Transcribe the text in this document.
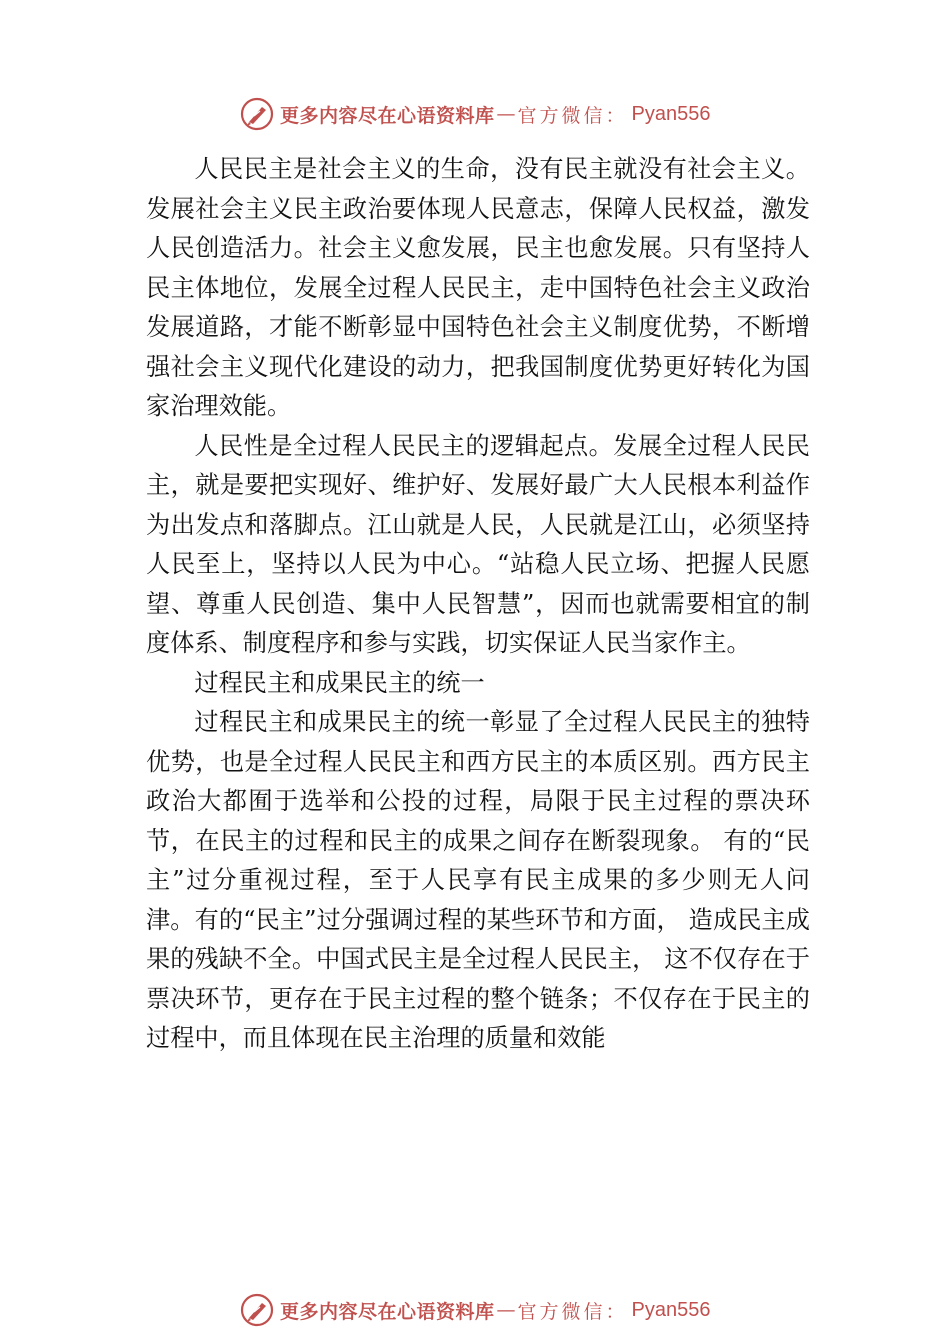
更多内容尽在心语资料库 — 官方微信： Pyan556

人民民主是社会主义的生命，没有民主就没有社会主义。发展社会主义民主政治要体现人民意志，保障人民权益，激发人民创造活力。社会主义愈发展，民主也愈发展。只有坚持人民主体地位，发展全过程人民民主，走中国特色社会主义政治发展道路，才能不断彰显中国特色社会主义制度优势，不断增强社会主义现代化建设的动力，把我国制度优势更好转化为国家治理效能。

人民性是全过程人民民主的逻辑起点。发展全过程人民民主，就是要把实现好、维护好、发展好最广大人民根本利益作为出发点和落脚点。江山就是人民，人民就是江山，必须坚持人民至上，坚持以人民为中心。“站稳人民立场、把握人民愿望、尊重人民创造、集中人民智慧”，因而也就需要相宜的制度体系、制度程序和参与实践，切实保证人民当家作主。

过程民主和成果民主的统一

过程民主和成果民主的统一彰显了全过程人民民主的独特优势，也是全过程人民民主和西方民主的本质区别。西方民主政治大都囿于选举和公投的过程，局限于民主过程的票决环节，在民主的过程和民主的成果之间存在断裂现象。 有的“民主”过分重视过程，至于人民享有民主成果的多少则无人问津。有的“民主”过分强调过程的某些环节和方面， 造成民主成果的残缺不全。中国式民主是全过程人民民主， 这不仅存在于票决环节，更存在于民主过程的整个链条；不仅存在于民主的过程中，而且体现在民主治理的质量和效能

更多内容尽在心语资料库 — 官方微信： Pyan556
